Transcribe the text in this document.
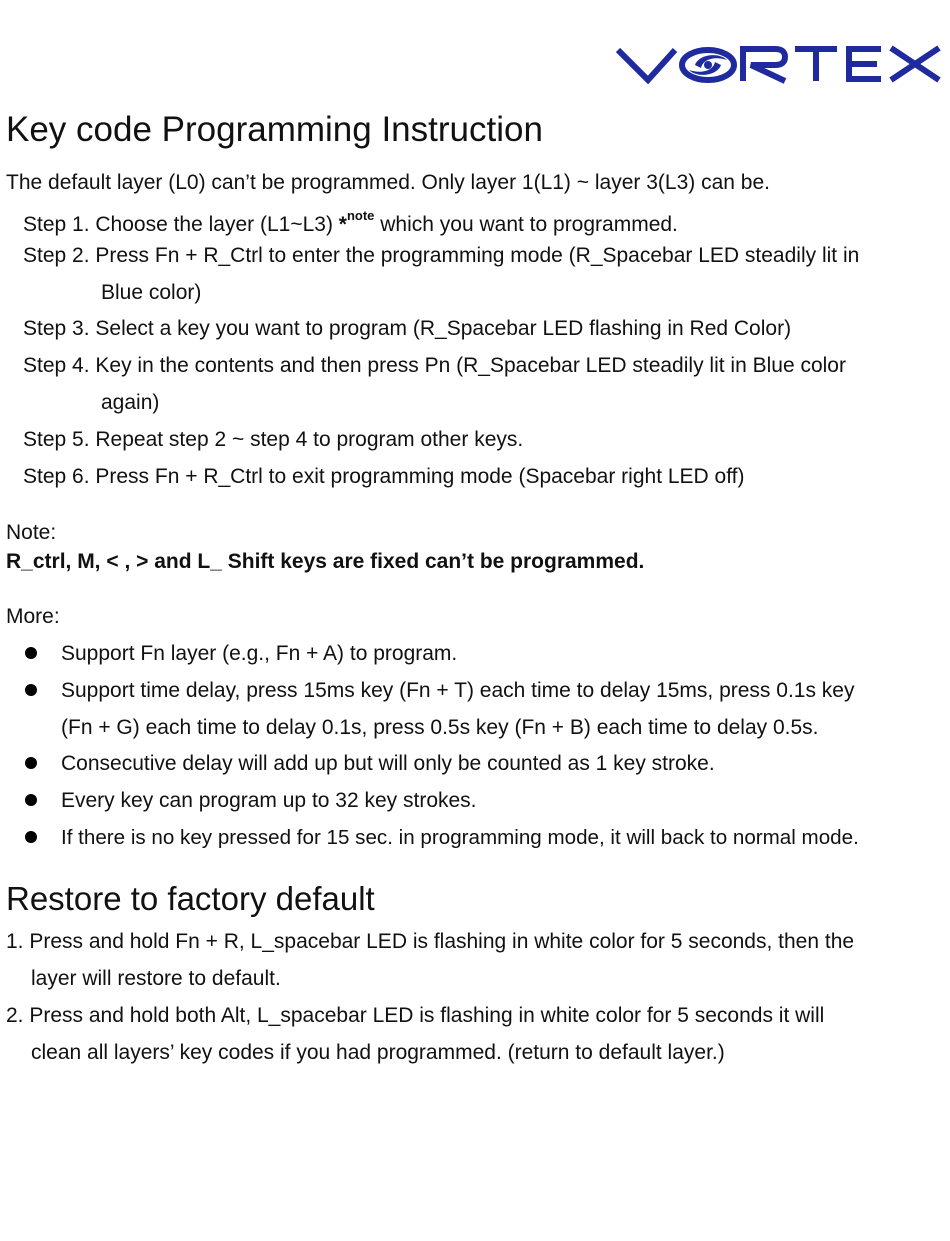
Key code Programming Instruction
The default layer (L0) can’t be programmed. Only layer 1(L1) ~ layer 3(L3) can be.
Step 1. Choose the layer (L1~L3) *$^{note}$ which you want to programmed.
Step 2. Press Fn + R_Ctrl to enter the programming mode (R_Spacebar LED steadily lit in
Blue color)
Step 3. Select a key you want to program (R_Spacebar LED flashing in Red Color)
Step 4. Key in the contents and then press Pn (R_Spacebar LED steadily lit in Blue color
again)
Step 5. Repeat step 2 ~ step 4 to program other keys.
Step 6. Press Fn + R_Ctrl to exit programming mode (Spacebar right LED off)
Note:
R_ctrl, M, < , > and L_ Shift keys are fixed can’t be programmed.
More:
Support Fn layer (e.g., Fn + A) to program.
Support time delay, press 15ms key (Fn + T) each time to delay 15ms, press 0.1s key
(Fn + G) each time to delay 0.1s, press 0.5s key (Fn + B) each time to delay 0.5s.
Consecutive delay will add up but will only be counted as 1 key stroke.
Every key can program up to 32 key strokes.
If there is no key pressed for 15 sec. in programming mode, it will back to normal mode.
Restore to factory default
1. Press and hold Fn + R, L_spacebar LED is flashing in white color for 5 seconds, then the
layer will restore to default.
2. Press and hold both Alt, L_spacebar LED is flashing in white color for 5 seconds it will
clean all layers’ key codes if you had programmed. (return to default layer.)
